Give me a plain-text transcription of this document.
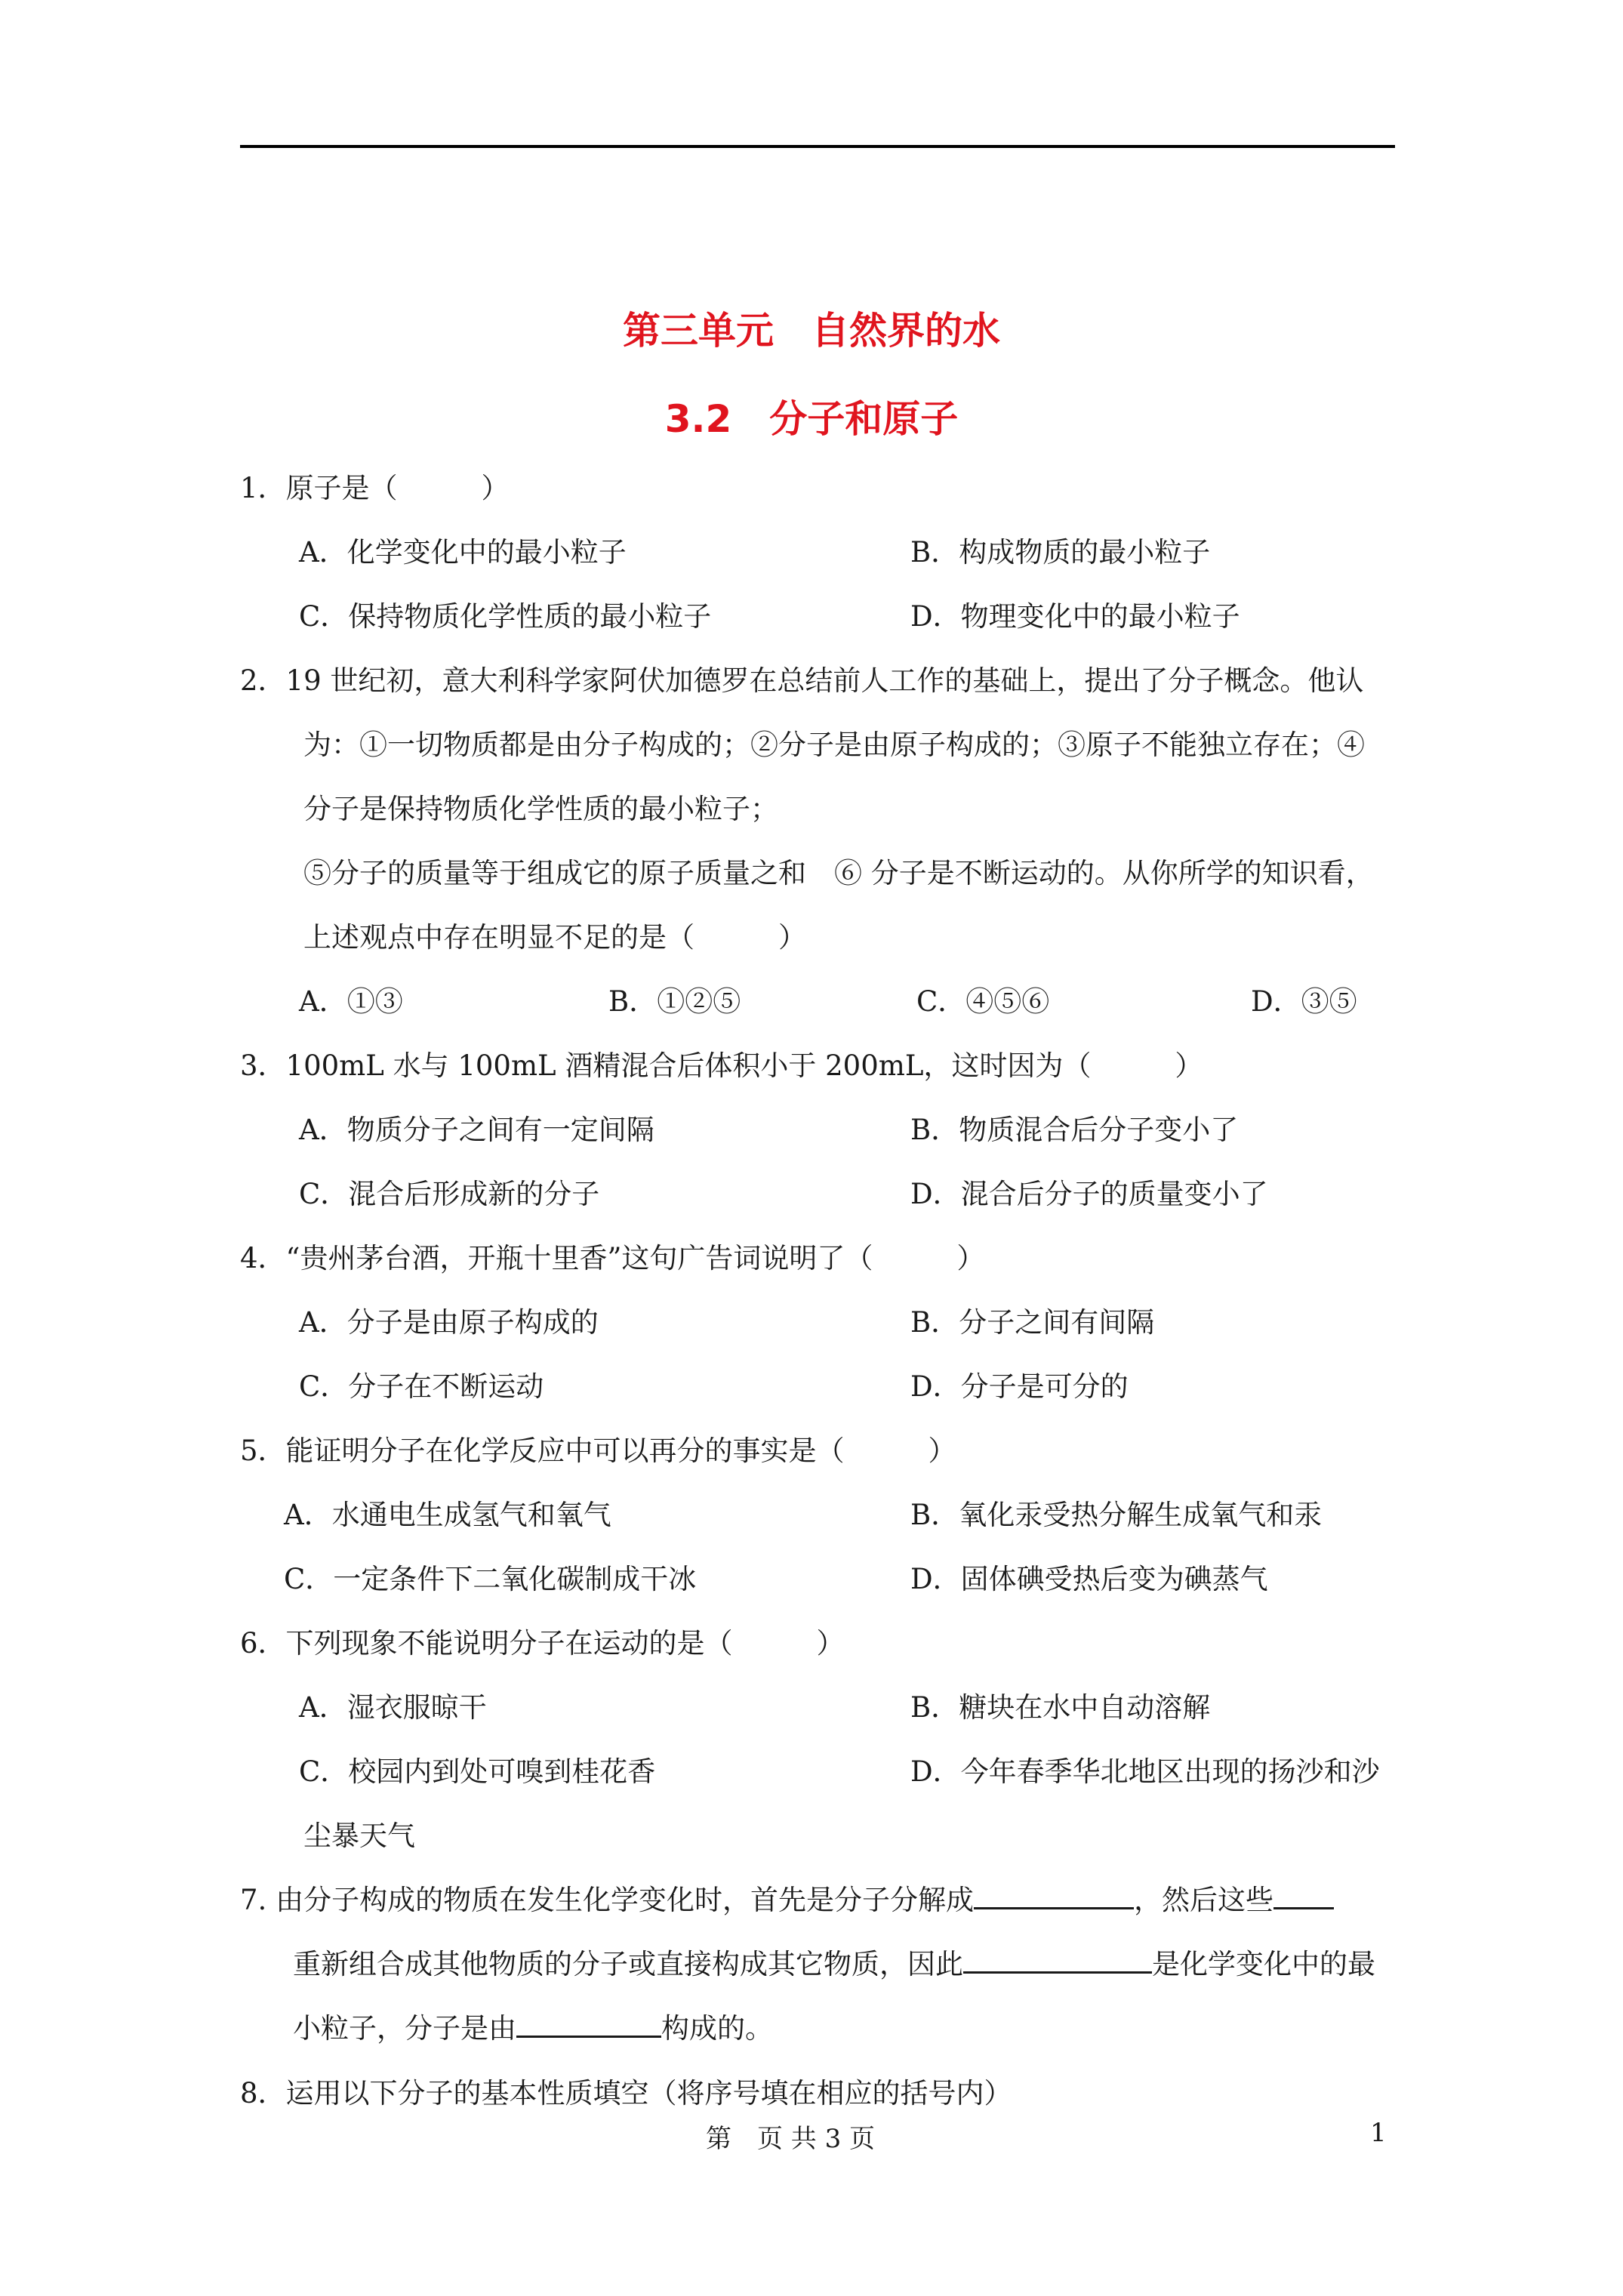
第三单元　自然界的水
3.2　分子和原子
1．原子是（　　　）
A．化学变化中的最小粒子	B．构成物质的最小粒子
C．保持物质化学性质的最小粒子	D．物理变化中的最小粒子
2．19 世纪初，意大利科学家阿伏加德罗在总结前人工作的基础上，提出了分子概念。他认
为：①一切物质都是由分子构成的；②分子是由原子构成的；③原子不能独立存在；④
分子是保持物质化学性质的最小粒子；
⑤分子的质量等于组成它的原子质量之和　⑥ 分子是不断运动的。从你所学的知识看，
上述观点中存在明显不足的是（　　　）
A．①③	B．①②⑤	C．④⑤⑥	D．③⑤
3．100mL 水与 100mL 酒精混合后体积小于 200mL，这时因为（　　　）
A．物质分子之间有一定间隔	B．物质混合后分子变小了
C．混合后形成新的分子	D．混合后分子的质量变小了
4．“贵州茅台酒，开瓶十里香”这句广告词说明了（　　　）
A．分子是由原子构成的	B．分子之间有间隔
C．分子在不断运动	D．分子是可分的
5．能证明分子在化学反应中可以再分的事实是（　　　）
A．水通电生成氢气和氧气	B．氧化汞受热分解生成氧气和汞
C．一定条件下二氧化碳制成干冰	D．固体碘受热后变为碘蒸气
6．下列现象不能说明分子在运动的是（　　　）
A．湿衣服晾干	B．糖块在水中自动溶解
C．校园内到处可嗅到桂花香	D．今年春季华北地区出现的扬沙和沙
尘暴天气
7. 由分子构成的物质在发生化学变化时，首先是分子分解成	，然后这些
重新组合成其他物质的分子或直接构成其它物质，因此	是化学变化中的最
小粒子，分子是由	构成的。
8．运用以下分子的基本性质填空（将序号填在相应的括号内）
第　页 共 3 页	1
